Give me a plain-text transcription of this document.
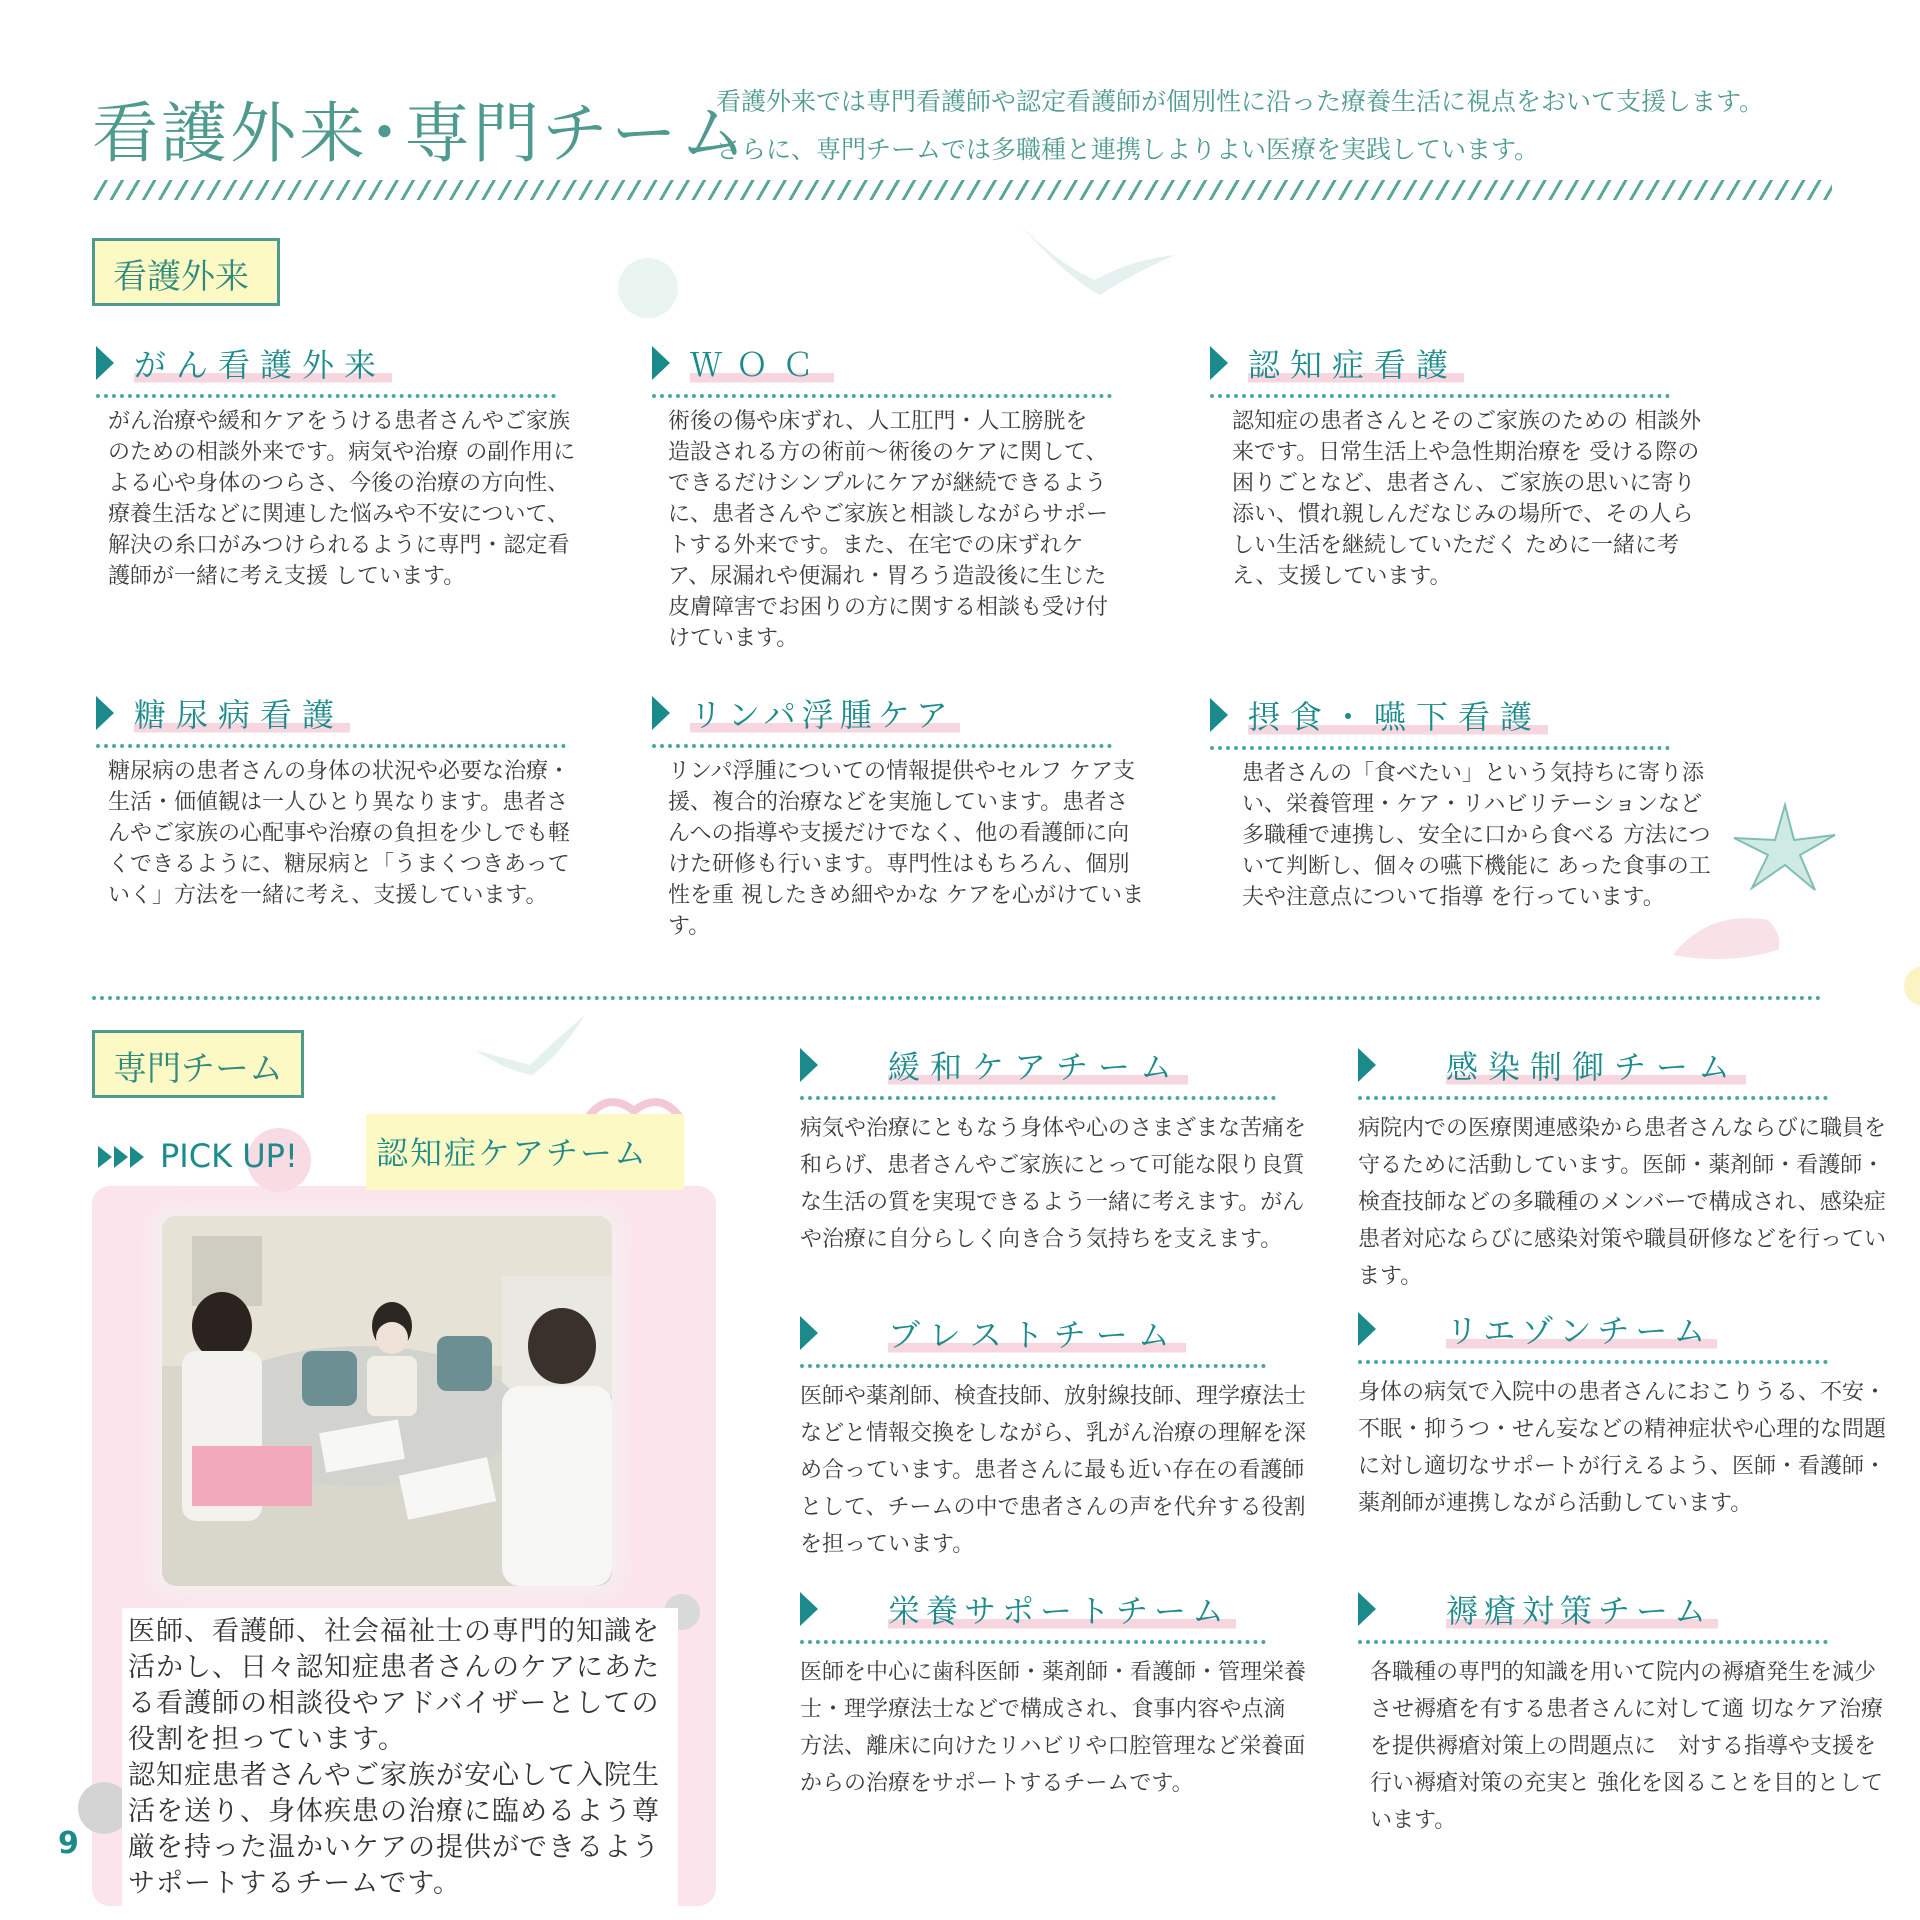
看護外来･専門チーム
看護外来では専門看護師や認定看護師が個別性に沿った療養生活に視点をおいて支援します。
さらに、専門チームでは多職種と連携しよりよい医療を実践しています。
看護外来
がん看護外来
がん治療や緩和ケアをうける患者さんやご家族のための相談外来です。病気や治療 の副作用による心や身体のつらさ、今後の治療の方向性、療養生活などに関連した悩みや不安について、解決の糸口がみつけられるように専門・認定看護師が一緒に考え支援 しています。
ＷＯＣ
術後の傷や床ずれ、人工肛門・人工膀胱を 造設される方の術前～術後のケアに関して、できるだけシンプルにケアが継続できるように、患者さんやご家族と相談しながらサポートする外来です。また、在宅での床ずれケア、尿漏れや便漏れ・胃ろう造設後に生じた皮膚障害でお困りの方に関する相談も受け付けています。
認知症看護
認知症の患者さんとそのご家族のための 相談外来です。日常生活上や急性期治療を 受ける際の困りごとなど、患者さん、ご家族の思いに寄り添い、慣れ親しんだなじみの場所で、その人らしい生活を継続していただく ために一緒に考え、支援しています。
糖尿病看護
糖尿病の患者さんの身体の状況や必要な治療・生活・価値観は一人ひとり異なります。患者さんやご家族の心配事や治療の負担を少しでも軽くできるように、糖尿病と「うまくつきあっていく」方法を一緒に考え、支援しています。
リンパ浮腫ケア
リンパ浮腫についての情報提供やセルフ ケア支援、複合的治療などを実施しています。患者さんへの指導や支援だけでなく、他の看護師に向けた研修も行います。専門性はもちろん、個別性を重 視したきめ細やかな ケアを心がけています。
摂食・嚥下看護
患者さんの「食べたい」という気持ちに寄り添い、栄養管理・ケア・リハビリテーションなど多職種で連携し、安全に口から食べる 方法について判断し、個々の嚥下機能に あった食事の工夫や注意点について指導 を行っています。
専門チーム
PICK UP!	認知症ケアチーム
医師、看護師、社会福祉士の専門的知識を活かし、日々認知症患者さんのケアにあたる看護師の相談役やアドバイザーとしての役割を担っています。
認知症患者さんやご家族が安心して入院生活を送り、身体疾患の治療に臨めるよう尊厳を持った温かいケアの提供ができるようサポートするチームです。
9
緩和ケアチーム
病気や治療にともなう身体や心のさまざまな苦痛を和らげ、患者さんやご家族にとって可能な限り良質な生活の質を実現できるよう一緒に考えます。がんや治療に自分らしく向き合う気持ちを支えます。
感染制御チーム
病院内での医療関連感染から患者さんならびに職員を守るために活動しています。医師・薬剤師・看護師・検査技師などの多職種のメンバーで構成され、感染症患者対応ならびに感染対策や職員研修などを行っています。
ブレストチーム
医師や薬剤師、検査技師、放射線技師、理学療法士などと情報交換をしながら、乳がん治療の理解を深め合っています。患者さんに最も近い存在の看護師として、チームの中で患者さんの声を代弁する役割を担っています。
リエゾンチーム
身体の病気で入院中の患者さんにおこりうる、不安・不眠・抑うつ・せん妄などの精神症状や心理的な問題に対し適切なサポートが行えるよう、医師・看護師・薬剤師が連携しながら活動しています。
栄養サポートチーム
医師を中心に歯科医師・薬剤師・看護師・管理栄養士・理学療法士などで構成され、食事内容や点滴方法、離床に向けたリハビリや口腔管理など栄養面からの治療をサポートするチームです。
褥瘡対策チーム
各職種の専門的知識を用いて院内の褥瘡発生を減少させ褥瘡を有する患者さんに対して適 切なケア治療を提供褥瘡対策上の問題点に　対する指導や支援を行い褥瘡対策の充実と 強化を図ることを目的としています。
